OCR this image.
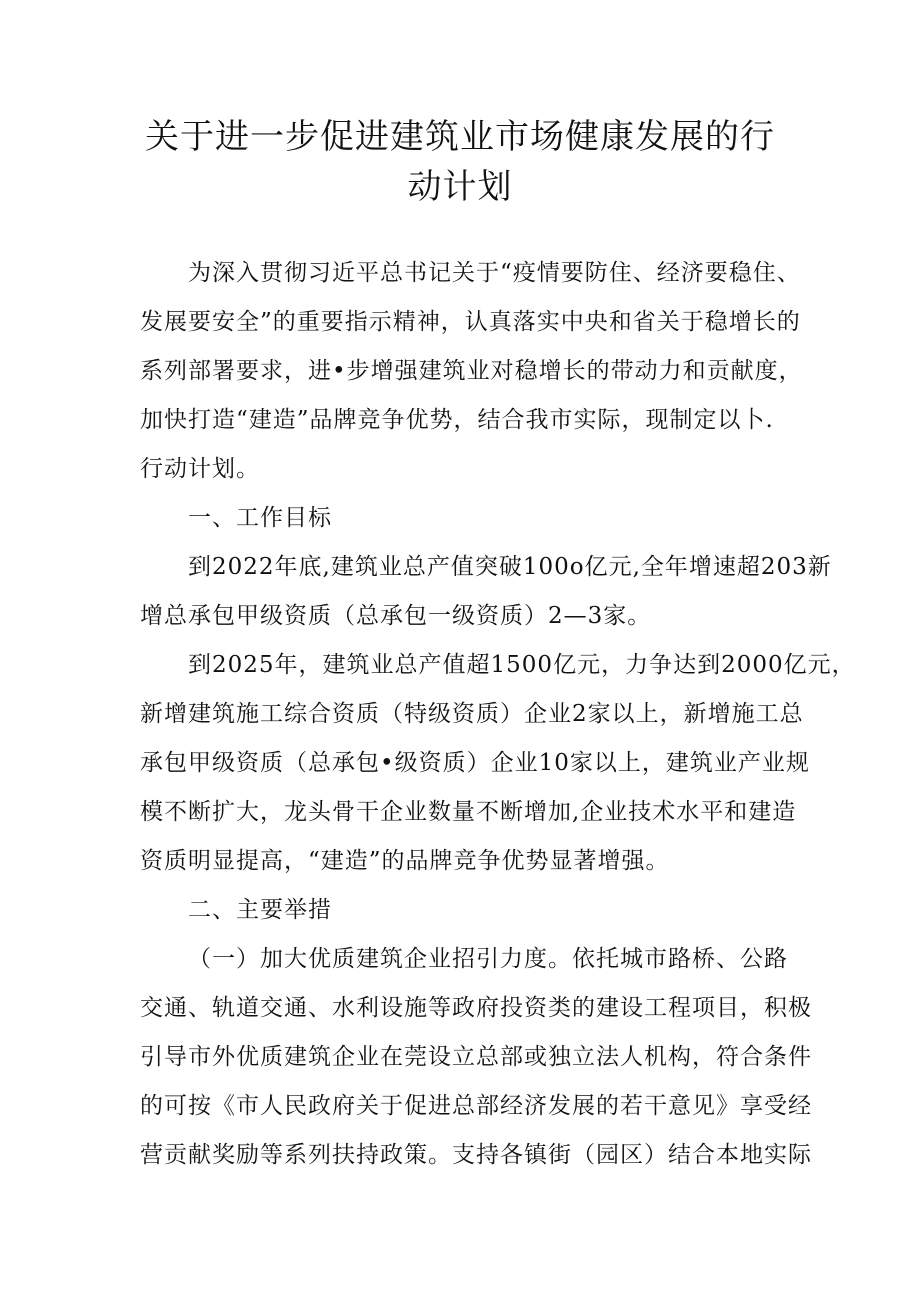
关于进一步促进建筑业市场健康发展的行
动计划

为深入贯彻习近平总书记关于“疫情要防住、经济要稳住、

发展要安全”的重要指示精神，认真落实中央和省关于稳增长的

系列部署要求，进•步增强建筑业对稳增长的带动力和贡献度，

加快打造“建造”品牌竞争优势，结合我市实际，现制定以卜.

行动计划。

一、工作目标

到2022年底,建筑业总产值突破100o亿元,全年增速超203新

增总承包甲级资质（总承包一级资质）2—3家。

到2025年，建筑业总产值超1500亿元，力争达到2000亿元，

新增建筑施工综合资质（特级资质）企业2家以上，新增施工总

承包甲级资质（总承包•级资质）企业10家以上，建筑业产业规

模不断扩大，龙头骨干企业数量不断增加,企业技术水平和建造

资质明显提高，“建造”的品牌竞争优势显著增强。

二、主要举措

（一）加大优质建筑企业招引力度。依托城市路桥、公路

交通、轨道交通、水利设施等政府投资类的建设工程项目，积极

引导市外优质建筑企业在莞设立总部或独立法人机构，符合条件

的可按《市人民政府关于促进总部经济发展的若干意见》享受经

营贡献奖励等系列扶持政策。支持各镇街（园区）结合本地实际
